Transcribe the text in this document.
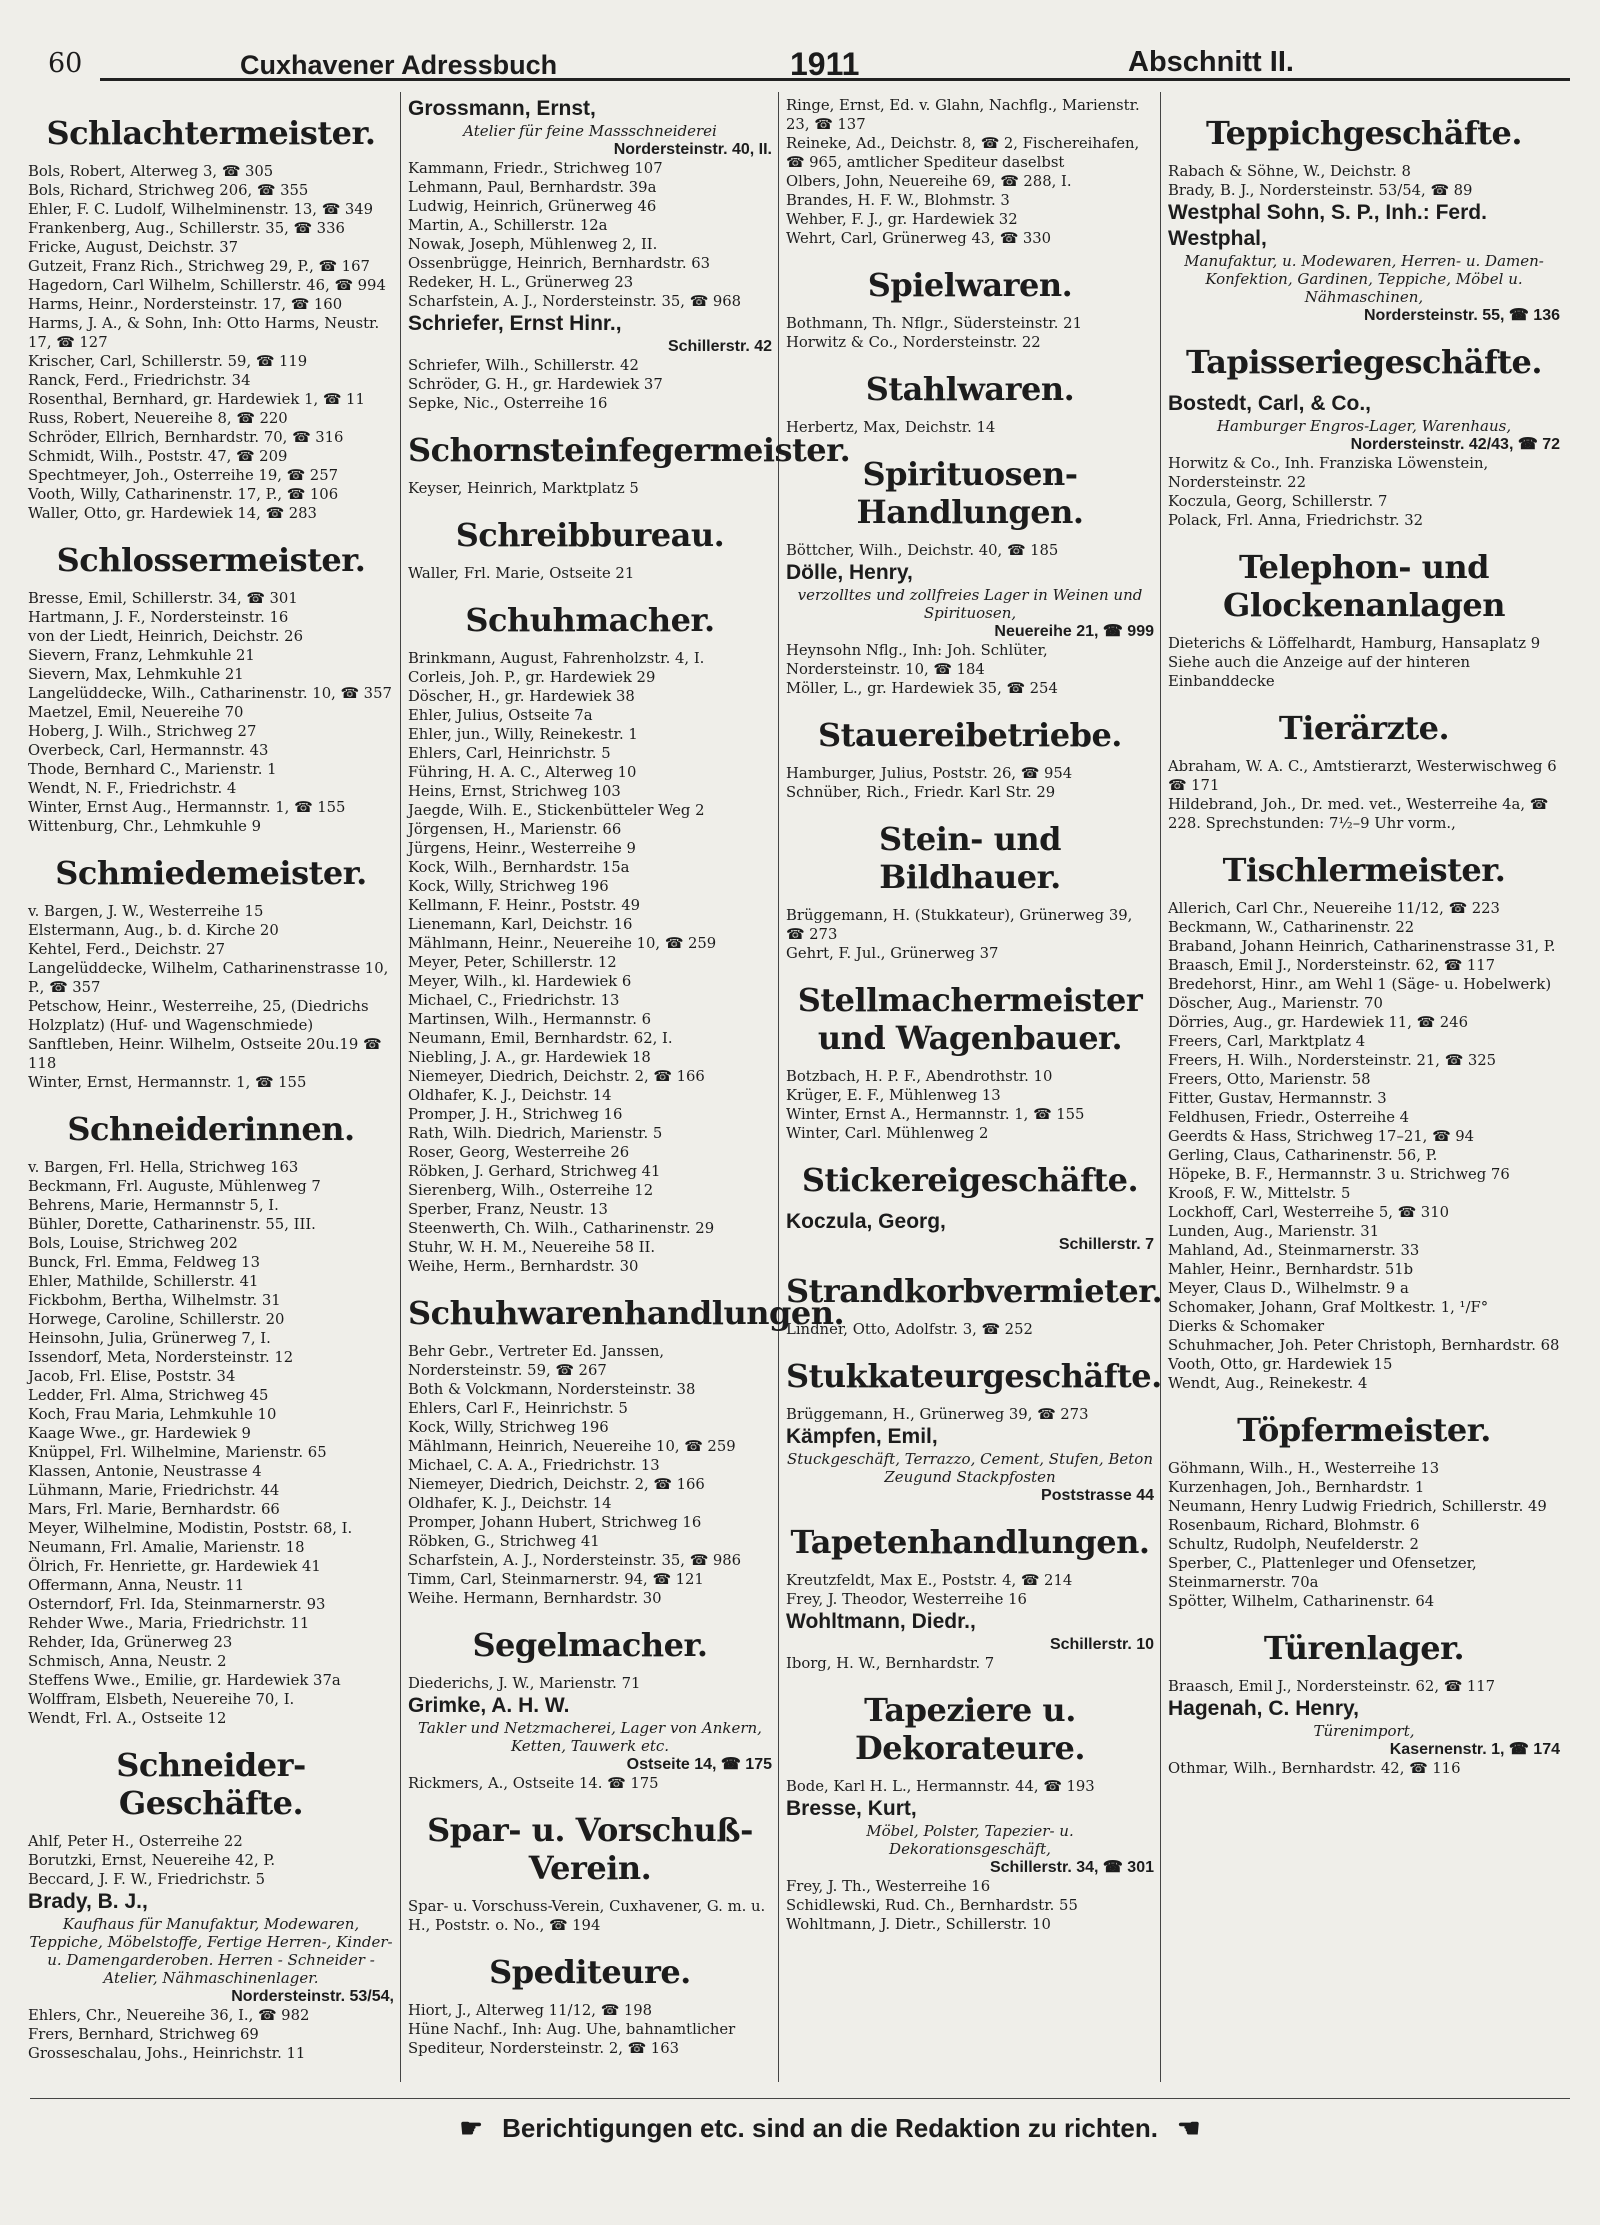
60	Cuxhavener Adressbuch	1911	Abschnitt II.
Schlachtermeister.

Bols, Robert, Alterweg 3, ☎ 305

Bols, Richard, Strichweg 206, ☎ 355

Ehler, F. C. Ludolf, Wilhelminenstr. 13, ☎ 349

Frankenberg, Aug., Schillerstr. 35, ☎ 336

Fricke, August, Deichstr. 37

Gutzeit, Franz Rich., Strichweg 29, P., ☎ 167

Hagedorn, Carl Wilhelm, Schillerstr. 46, ☎ 994

Harms, Heinr., Nordersteinstr. 17, ☎ 160

Harms, J. A., & Sohn, Inh: Otto Harms, Neustr. 17, ☎ 127

Krischer, Carl, Schillerstr. 59, ☎ 119

Ranck, Ferd., Friedrichstr. 34

Rosenthal, Bernhard, gr. Hardewiek 1, ☎ 11

Russ, Robert, Neuereihe 8, ☎ 220

Schröder, Ellrich, Bernhardstr. 70, ☎ 316

Schmidt, Wilh., Poststr. 47, ☎ 209

Spechtmeyer, Joh., Osterreihe 19, ☎ 257

Vooth, Willy, Catharinenstr. 17, P., ☎ 106

Waller, Otto, gr. Hardewiek 14, ☎ 283

Schlossermeister.

Bresse, Emil, Schillerstr. 34, ☎ 301

Hartmann, J. F., Nordersteinstr. 16

von der Liedt, Heinrich, Deichstr. 26

Sievern, Franz, Lehmkuhle 21

Sievern, Max, Lehmkuhle 21

Langelüddecke, Wilh., Catharinenstr. 10, ☎ 357

Maetzel, Emil, Neuereihe 70

Hoberg, J. Wilh., Strichweg 27

Overbeck, Carl, Hermannstr. 43

Thode, Bernhard C., Marienstr. 1

Wendt, N. F., Friedrichstr. 4

Winter, Ernst Aug., Hermannstr. 1, ☎ 155

Wittenburg, Chr., Lehmkuhle 9

Schmiedemeister.

v. Bargen, J. W., Westerreihe 15

Elstermann, Aug., b. d. Kirche 20

Kehtel, Ferd., Deichstr. 27

Langelüddecke, Wilhelm, Catharinenstrasse 10, P., ☎ 357

Petschow, Heinr., Westerreihe, 25, (Diedrichs Holzplatz) (Huf- und Wagenschmiede)

Sanftleben, Heinr. Wilhelm, Ostseite 20u.19 ☎ 118

Winter, Ernst, Hermannstr. 1, ☎ 155

Schneiderinnen.

v. Bargen, Frl. Hella, Strichweg 163

Beckmann, Frl. Auguste, Mühlenweg 7

Behrens, Marie, Hermannstr 5, I.

Bühler, Dorette, Catharinenstr. 55, III.

Bols, Louise, Strichweg 202

Bunck, Frl. Emma, Feldweg 13

Ehler, Mathilde, Schillerstr. 41

Fickbohm, Bertha, Wilhelmstr. 31

Horwege, Caroline, Schillerstr. 20

Heinsohn, Julia, Grünerweg 7, I.

Issendorf, Meta, Nordersteinstr. 12

Jacob, Frl. Elise, Poststr. 34

Ledder, Frl. Alma, Strichweg 45

Koch, Frau Maria, Lehmkuhle 10

Kaage Wwe., gr. Hardewiek 9

Knüppel, Frl. Wilhelmine, Marienstr. 65

Klassen, Antonie, Neustrasse 4

Lühmann, Marie, Friedrichstr. 44

Mars, Frl. Marie, Bernhardstr. 66

Meyer, Wilhelmine, Modistin, Poststr. 68, I.

Neumann, Frl. Amalie, Marienstr. 18

Ölrich, Fr. Henriette, gr. Hardewiek 41

Offermann, Anna, Neustr. 11

Osterndorf, Frl. Ida, Steinmarnerstr. 93

Rehder Wwe., Maria, Friedrichstr. 11

Rehder, Ida, Grünerweg 23

Schmisch, Anna, Neustr. 2

Steffens Wwe., Emilie, gr. Hardewiek 37a

Wolffram, Elsbeth, Neuereihe 70, I.

Wendt, Frl. A., Ostseite 12

Schneider-Geschäfte.

Ahlf, Peter H., Osterreihe 22

Borutzki, Ernst, Neuereihe 42, P.

Beccard, J. F. W., Friedrichstr. 5

Brady, B. J.,
Kaufhaus für Manufaktur, Modewaren, Teppiche, Möbelstoffe, Fertige Herren-, Kinder- u. Damengarderoben. Herren - Schneider - Atelier, Nähmaschinenlager.
Nordersteinstr. 53/54,

Ehlers, Chr., Neuereihe 36, I., ☎ 982

Frers, Bernhard, Strichweg 69

Grosseschalau, Johs., Heinrichstr. 11

Grossmann, Ernst,
Atelier für feine Massschneiderei
Nordersteinstr. 40, II.

Kammann, Friedr., Strichweg 107

Lehmann, Paul, Bernhardstr. 39a

Ludwig, Heinrich, Grünerweg 46

Martin, A., Schillerstr. 12a

Nowak, Joseph, Mühlenweg 2, II.

Ossenbrügge, Heinrich, Bernhardstr. 63

Redeker, H. L., Grünerweg 23

Scharfstein, A. J., Nordersteinstr. 35, ☎ 968

Schriefer, Ernst Hinr.,
Schillerstr. 42

Schriefer, Wilh., Schillerstr. 42

Schröder, G. H., gr. Hardewiek 37

Sepke, Nic., Osterreihe 16

Schornsteinfegermeister.

Keyser, Heinrich, Marktplatz 5

Schreibbureau.

Waller, Frl. Marie, Ostseite 21

Schuhmacher.

Brinkmann, August, Fahrenholzstr. 4, I.

Corleis, Joh. P., gr. Hardewiek 29

Döscher, H., gr. Hardewiek 38

Ehler, Julius, Ostseite 7a

Ehler, jun., Willy, Reinekestr. 1

Ehlers, Carl, Heinrichstr. 5

Führing, H. A. C., Alterweg 10

Heins, Ernst, Strichweg 103

Jaegde, Wilh. E., Stickenbütteler Weg 2

Jörgensen, H., Marienstr. 66

Jürgens, Heinr., Westerreihe 9

Kock, Wilh., Bernhardstr. 15a

Kock, Willy, Strichweg 196

Kellmann, F. Heinr., Poststr. 49

Lienemann, Karl, Deichstr. 16

Mählmann, Heinr., Neuereihe 10, ☎ 259

Meyer, Peter, Schillerstr. 12

Meyer, Wilh., kl. Hardewiek 6

Michael, C., Friedrichstr. 13

Martinsen, Wilh., Hermannstr. 6

Neumann, Emil, Bernhardstr. 62, I.

Niebling, J. A., gr. Hardewiek 18

Niemeyer, Diedrich, Deichstr. 2, ☎ 166

Oldhafer, K. J., Deichstr. 14

Promper, J. H., Strichweg 16

Rath, Wilh. Diedrich, Marienstr. 5

Roser, Georg, Westerreihe 26

Röbken, J. Gerhard, Strichweg 41

Sierenberg, Wilh., Osterreihe 12

Sperber, Franz, Neustr. 13

Steenwerth, Ch. Wilh., Catharinenstr. 29

Stuhr, W. H. M., Neuereihe 58 II.

Weihe, Herm., Bernhardstr. 30

Schuhwarenhandlungen.

Behr Gebr., Vertreter Ed. Janssen, Nordersteinstr. 59, ☎ 267

Both & Volckmann, Nordersteinstr. 38

Ehlers, Carl F., Heinrichstr. 5

Kock, Willy, Strichweg 196

Mählmann, Heinrich, Neuereihe 10, ☎ 259

Michael, C. A. A., Friedrichstr. 13

Niemeyer, Diedrich, Deichstr. 2, ☎ 166

Oldhafer, K. J., Deichstr. 14

Promper, Johann Hubert, Strichweg 16

Röbken, G., Strichweg 41

Scharfstein, A. J., Nordersteinstr. 35, ☎ 986

Timm, Carl, Steinmarnerstr. 94, ☎ 121

Weihe. Hermann, Bernhardstr. 30

Segelmacher.

Diederichs, J. W., Marienstr. 71

Grimke, A. H. W.
Takler und Netzmacherei, Lager von Ankern, Ketten, Tauwerk etc.
Ostseite 14, ☎ 175

Rickmers, A., Ostseite 14. ☎ 175

Spar- u. Vorschuß-Verein.

Spar- u. Vorschuss-Verein, Cuxhavener, G. m. u. H., Poststr. o. No., ☎ 194

Spediteure.

Hiort, J., Alterweg 11/12, ☎ 198

Hüne Nachf., Inh: Aug. Uhe, bahnamtlicher Spediteur, Nordersteinstr. 2, ☎ 163

Ringe, Ernst, Ed. v. Glahn, Nachflg., Marienstr. 23, ☎ 137

Reineke, Ad., Deichstr. 8, ☎ 2, Fischereihafen, ☎ 965, amtlicher Spediteur daselbst

Olbers, John, Neuereihe 69, ☎ 288, I.

Brandes, H. F. W., Blohmstr. 3

Wehber, F. J., gr. Hardewiek 32

Wehrt, Carl, Grünerweg 43, ☎ 330

Spielwaren.

Bothmann, Th. Nflgr., Südersteinstr. 21

Horwitz & Co., Nordersteinstr. 22

Stahlwaren.

Herbertz, Max, Deichstr. 14

Spirituosen-Handlungen.

Böttcher, Wilh., Deichstr. 40, ☎ 185

Dölle, Henry,
verzolltes und zollfreies Lager in Weinen und Spirituosen,
Neuereihe 21, ☎ 999

Heynsohn Nflg., Inh: Joh. Schlüter, Nordersteinstr. 10, ☎ 184

Möller, L., gr. Hardewiek 35, ☎ 254

Stauereibetriebe.

Hamburger, Julius, Poststr. 26, ☎ 954

Schnüber, Rich., Friedr. Karl Str. 29

Stein- und Bildhauer.

Brüggemann, H. (Stukkateur), Grünerweg 39, ☎ 273

Gehrt, F. Jul., Grünerweg 37

Stellmachermeister und Wagenbauer.

Botzbach, H. P. F., Abendrothstr. 10

Krüger, E. F., Mühlenweg 13

Winter, Ernst A., Hermannstr. 1, ☎ 155

Winter, Carl. Mühlenweg 2

Stickereigeschäfte.
Koczula, Georg,
Schillerstr. 7
Strandkorbvermieter.

Lindner, Otto, Adolfstr. 3, ☎ 252

Stukkateurgeschäfte.

Brüggemann, H., Grünerweg 39, ☎ 273

Kämpfen, Emil,
Stuckgeschäft, Terrazzo, Cement, Stufen, Beton Zeugund Stackpfosten
Poststrasse 44
Tapetenhandlungen.

Kreutzfeldt, Max E., Poststr. 4, ☎ 214

Frey, J. Theodor, Westerreihe 16

Wohltmann, Diedr.,
Schillerstr. 10

Iborg, H. W., Bernhardstr. 7

Tapeziere u. Dekorateure.

Bode, Karl H. L., Hermannstr. 44, ☎ 193

Bresse, Kurt,
Möbel, Polster, Tapezier- u. Dekorationsgeschäft,
Schillerstr. 34, ☎ 301

Frey, J. Th., Westerreihe 16

Schidlewski, Rud. Ch., Bernhardstr. 55

Wohltmann, J. Dietr., Schillerstr. 10

Teppichgeschäfte.

Rabach & Söhne, W., Deichstr. 8

Brady, B. J., Nordersteinstr. 53/54, ☎ 89

Westphal Sohn, S. P., Inh.: Ferd. Westphal,
Manufaktur, u. Modewaren, Herren- u. Damen-Konfektion, Gardinen, Teppiche, Möbel u. Nähmaschinen,
Nordersteinstr. 55, ☎ 136
Tapisseriegeschäfte.
Bostedt, Carl, & Co.,
Hamburger Engros-Lager, Warenhaus,
Nordersteinstr. 42/43, ☎ 72

Horwitz & Co., Inh. Franziska Löwenstein, Nordersteinstr. 22

Koczula, Georg, Schillerstr. 7

Polack, Frl. Anna, Friedrichstr. 32

Telephon- und Glockenanlagen

Dieterichs & Löffelhardt, Hamburg, Hansaplatz 9

Siehe auch die Anzeige auf der hinteren Einbanddecke

Tierärzte.

Abraham, W. A. C., Amtstierarzt, Westerwischweg 6 ☎ 171

Hildebrand, Joh., Dr. med. vet., Westerreihe 4a, ☎ 228. Sprechstunden: 7½–9 Uhr vorm.,

Tischlermeister.

Allerich, Carl Chr., Neuereihe 11/12, ☎ 223

Beckmann, W., Catharinenstr. 22

Braband, Johann Heinrich, Catharinenstrasse 31, P.

Braasch, Emil J., Nordersteinstr. 62, ☎ 117

Bredehorst, Hinr., am Wehl 1 (Säge- u. Hobelwerk)

Döscher, Aug., Marienstr. 70

Dörries, Aug., gr. Hardewiek 11, ☎ 246

Freers, Carl, Marktplatz 4

Freers, H. Wilh., Nordersteinstr. 21, ☎ 325

Freers, Otto, Marienstr. 58

Fitter, Gustav, Hermannstr. 3

Feldhusen, Friedr., Osterreihe 4

Geerdts & Hass, Strichweg 17–21, ☎ 94

Gerling, Claus, Catharinenstr. 56, P.

Höpeke, B. F., Hermannstr. 3 u. Strichweg 76

Krooß, F. W., Mittelstr. 5

Lockhoff, Carl, Westerreihe 5, ☎ 310

Lunden, Aug., Marienstr. 31

Mahland, Ad., Steinmarnerstr. 33

Mahler, Heinr., Bernhardstr. 51b

Meyer, Claus D., Wilhelmstr. 9 a

Schomaker, Johann, Graf Moltkestr. 1, ¹/F°

Dierks & Schomaker

Schuhmacher, Joh. Peter Christoph, Bernhardstr. 68

Vooth, Otto, gr. Hardewiek 15

Wendt, Aug., Reinekestr. 4

Töpfermeister.

Göhmann, Wilh., H., Westerreihe 13

Kurzenhagen, Joh., Bernhardstr. 1

Neumann, Henry Ludwig Friedrich, Schillerstr. 49

Rosenbaum, Richard, Blohmstr. 6

Schultz, Rudolph, Neufelderstr. 2

Sperber, C., Plattenleger und Ofensetzer, Steinmarnerstr. 70a

Spötter, Wilhelm, Catharinenstr. 64

Türenlager.

Braasch, Emil J., Nordersteinstr. 62, ☎ 117

Hagenah, C. Henry,
Türenimport,
Kasernenstr. 1, ☎ 174

Othmar, Wilh., Bernhardstr. 42, ☎ 116

☛ Berichtigungen etc. sind an die Redaktion zu richten. ☚
